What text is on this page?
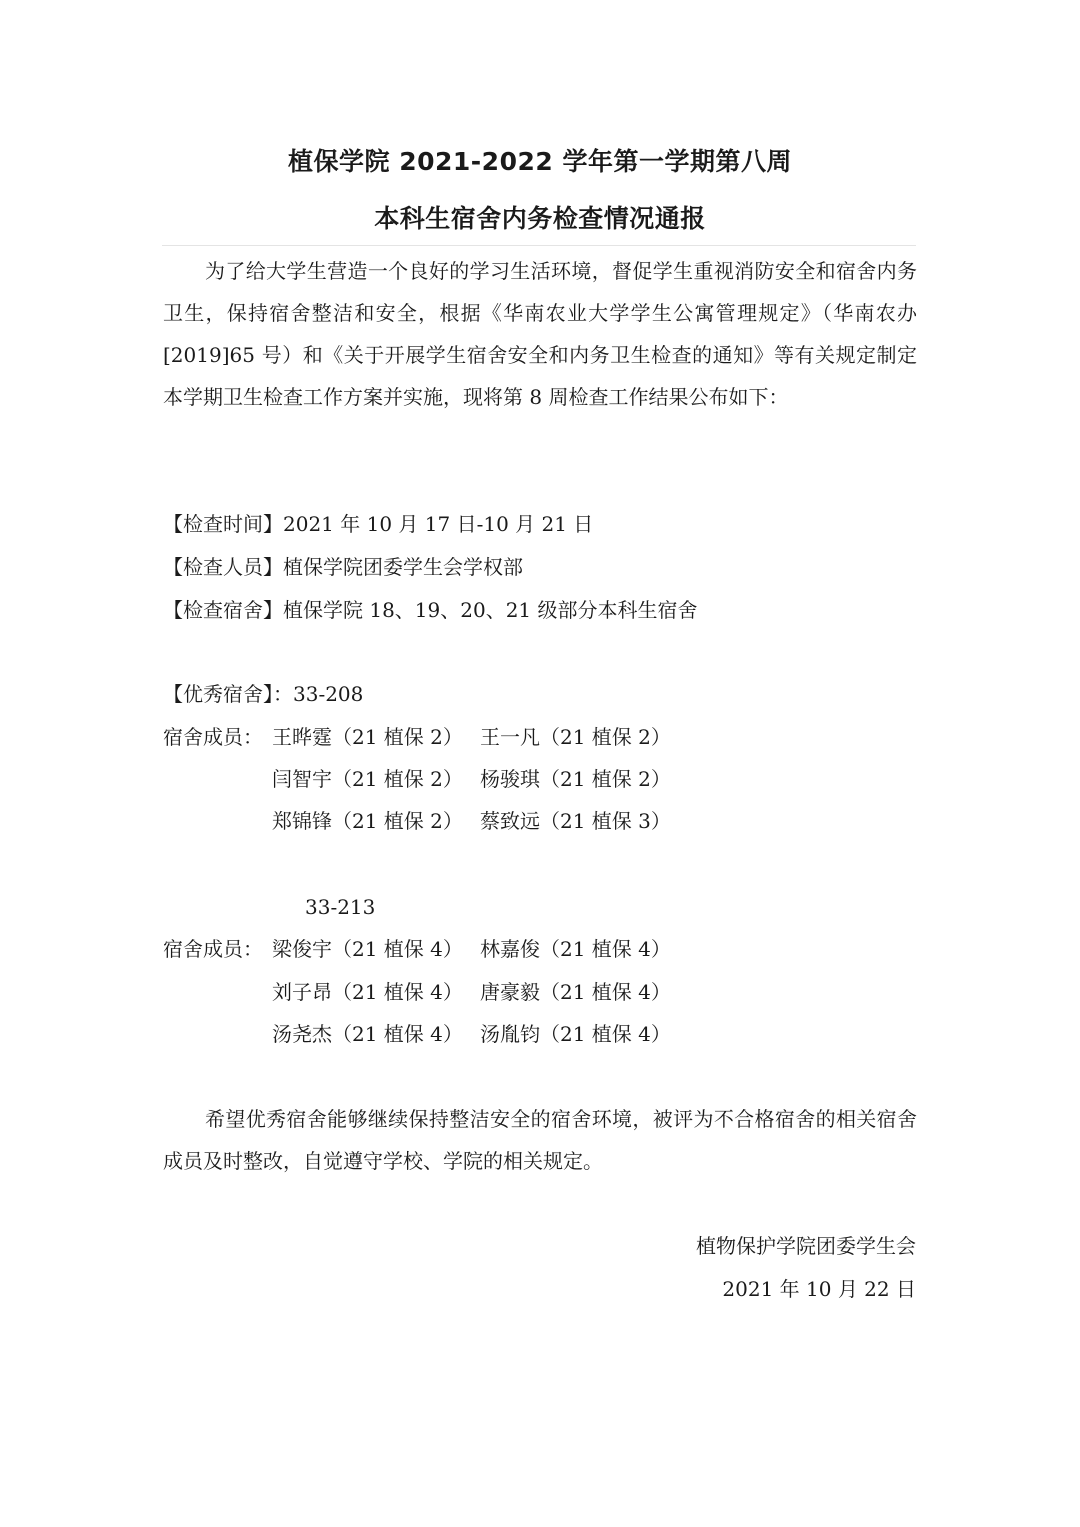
植保学院 2021-2022 学年第一学期第八周
本科生宿舍内务检查情况通报
为了给大学生营造一个良好的学习生活环境，督促学生重视消防安全和宿舍内务卫生，保持宿舍整洁和安全，根据《华南农业大学学生公寓管理规定》（华南农办[2019]65 号）和《关于开展学生宿舍安全和内务卫生检查的通知》等有关规定制定本学期卫生检查工作方案并实施，现将第 8 周检查工作结果公布如下：
【检查时间】2021 年 10 月 17 日-10 月 21 日
【检查人员】植保学院团委学生会学权部
【检查宿舍】植保学院 18、19、20、21 级部分本科生宿舍
【优秀宿舍】：33-208
宿舍成员： 王晔霆（21 植保 2） 王一凡（21 植保 2）
闫智宇（21 植保 2） 杨骏琪（21 植保 2）
郑锦锋（21 植保 2） 蔡致远（21 植保 3）
33-213
宿舍成员： 梁俊宇（21 植保 4） 林嘉俊（21 植保 4）
刘子昂（21 植保 4） 唐豪毅（21 植保 4）
汤尧杰（21 植保 4） 汤胤钧（21 植保 4）
希望优秀宿舍能够继续保持整洁安全的宿舍环境，被评为不合格宿舍的相关宿舍成员及时整改，自觉遵守学校、学院的相关规定。
植物保护学院团委学生会
2021 年 10 月 22 日
